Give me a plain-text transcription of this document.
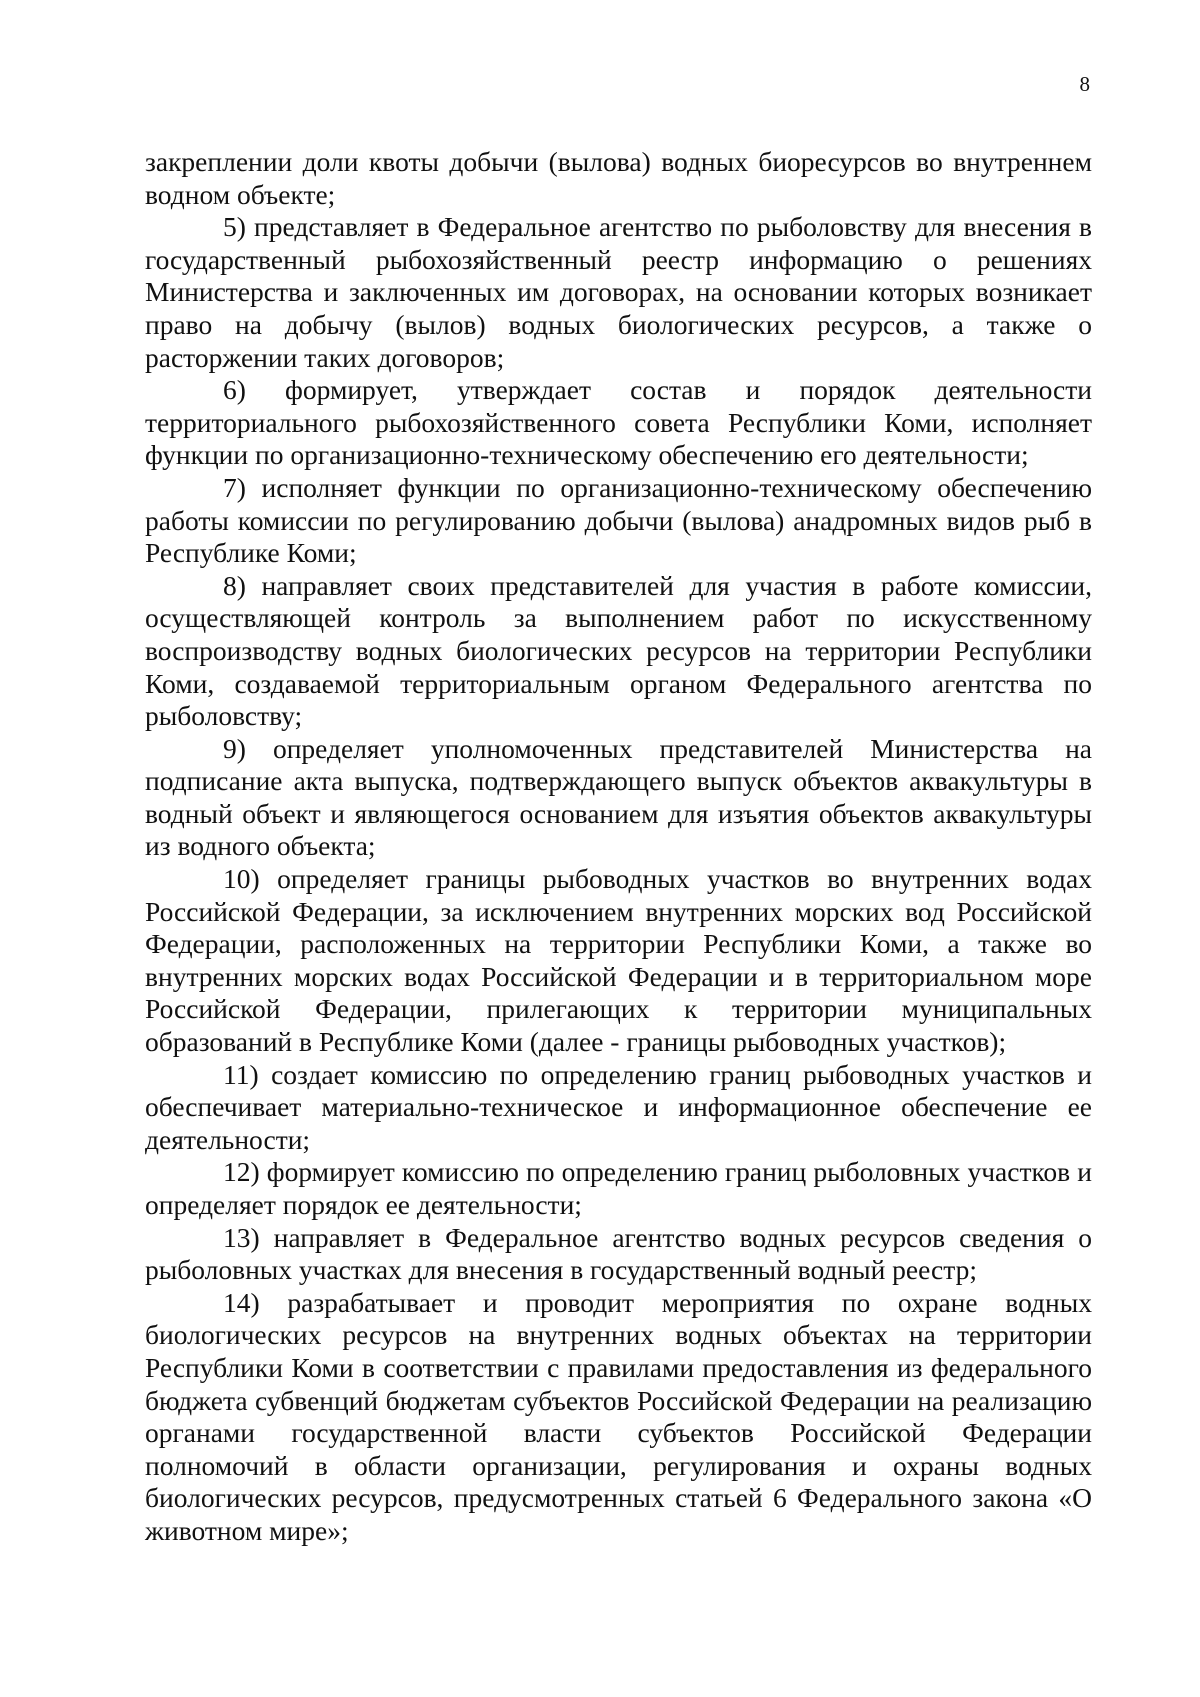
8

закреплении доли квоты добычи (вылова) водных биоресурсов во внутреннем водном объекте;

5) представляет в Федеральное агентство по рыболовству для внесения в государственный рыбохозяйственный реестр информацию о решениях Министерства и заключенных им договорах, на основании которых возникает право на добычу (вылов) водных биологических ресурсов, а также о расторжении таких договоров;

6) формирует, утверждает состав и порядок деятельности территориального рыбохозяйственного совета Республики Коми, исполняет функции по организационно-техническому обеспечению его деятельности;

7) исполняет функции по организационно-техническому обеспечению работы комиссии по регулированию добычи (вылова) анадромных видов рыб в Республике Коми;

8) направляет своих представителей для участия в работе комиссии, осуществляющей контроль за выполнением работ по искусственному воспроизводству водных биологических ресурсов на территории Республики Коми, создаваемой территориальным органом Федерального агентства по рыболовству;

9) определяет уполномоченных представителей Министерства на подписание акта выпуска, подтверждающего выпуск объектов аквакультуры в водный объект и являющегося основанием для изъятия объектов аквакультуры из водного объекта;

10) определяет границы рыбоводных участков во внутренних водах Российской Федерации, за исключением внутренних морских вод Российской Федерации, расположенных на территории Республики Коми, а также во внутренних морских водах Российской Федерации и в территориальном море Российской Федерации, прилегающих к территории муниципальных образований в Республике Коми (далее - границы рыбоводных участков);

11) создает комиссию по определению границ рыбоводных участков и обеспечивает материально-техническое и информационное обеспечение ее деятельности;

12) формирует комиссию по определению границ рыболовных участков и определяет порядок ее деятельности;

13) направляет в Федеральное агентство водных ресурсов сведения о рыболовных участках для внесения в государственный водный реестр;

14) разрабатывает и проводит мероприятия по охране водных биологических ресурсов на внутренних водных объектах на территории Республики Коми в соответствии с правилами предоставления из федерального бюджета субвенций бюджетам субъектов Российской Федерации на реализацию органами государственной власти субъектов Российской Федерации полномочий в области организации, регулирования и охраны водных биологических ресурсов, предусмотренных статьей 6 Федерального закона «О животном мире»;
